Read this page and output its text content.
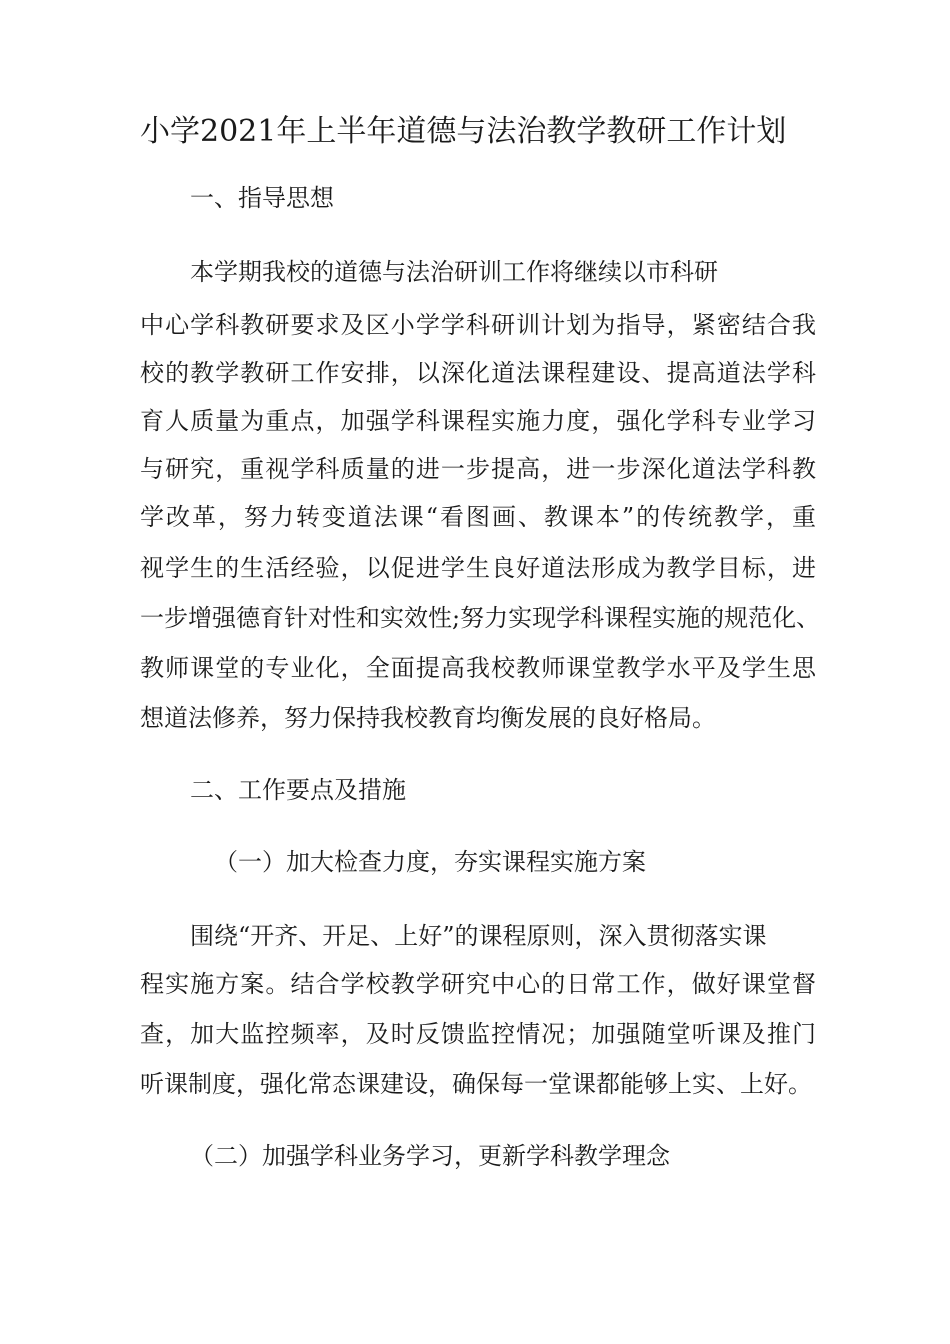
小学2021年上半年道德与法治教学教研工作计划
一、指导思想
本学期我校的道德与法治研训工作将继续以市科研
中心学科教研要求及区小学学科研训计划为指导，紧密结合我
校的教学教研工作安排，以深化道法课程建设、提高道法学科
育人质量为重点，加强学科课程实施力度，强化学科专业学习
与研究，重视学科质量的进一步提高，进一步深化道法学科教
学改革，努力转变道法课“看图画、教课本”的传统教学，重
视学生的生活经验，以促进学生良好道法形成为教学目标，进
一步增强德育针对性和实效性;努力实现学科课程实施的规范化、
教师课堂的专业化，全面提高我校教师课堂教学水平及学生思
想道法修养，努力保持我校教育均衡发展的良好格局。
二、工作要点及措施
（一）加大检查力度，夯实课程实施方案
围绕“开齐、开足、上好”的课程原则，深入贯彻落实课
程实施方案。结合学校教学研究中心的日常工作，做好课堂督
查，加大监控频率，及时反馈监控情况；加强随堂听课及推门
听课制度，强化常态课建设，确保每一堂课都能够上实、上好。
（二）加强学科业务学习，更新学科教学理念
